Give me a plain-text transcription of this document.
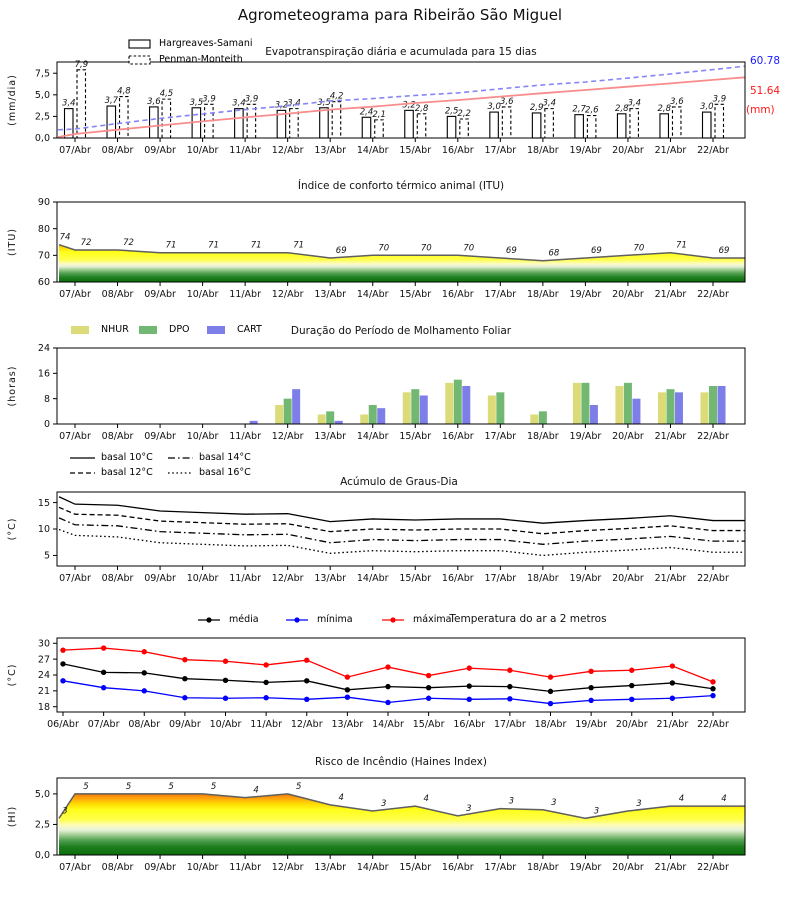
Agrometeograma para Ribeirão São Miguel
Hargreaves-Samani
Penman-Monteith
Evapotranspiração diária e acumulada para 15 dias
60.78
51.64
(mm)
3,4
7,9
3,7
4,8
3,6
4,5
3,5 3,9 3,4 3,9
3,2 3,4 3,5
4,2
2,4 2,1
3,2 2,8 2,5 2,2
3,0
3,6
2,9 3,4
2,7 2,6 2,8
3,4
2,8
3,6
3,0
3,9
0,0
2,5
5,0
7,5
(mm/dia)
07/Abr 08/Abr 09/Abr 10/Abr 11/Abr 12/Abr 13/Abr 14/Abr 15/Abr 16/Abr 17/Abr 18/Abr 19/Abr 20/Abr 21/Abr 22/Abr
Índice de conforto térmico animal (ITU)
74
72	72	71	71	71	71
69	70	70	70	69	68	69	70	71
69
60
70
80
90
(ITU)
07/Abr 08/Abr 09/Abr 10/Abr 11/Abr 12/Abr 13/Abr 14/Abr 15/Abr 16/Abr 17/Abr 18/Abr 19/Abr 20/Abr 21/Abr 22/Abr
NHUR	DPO	CART	Duração do Período de Molhamento Foliar
0
8
16
24
(horas)
07/Abr 08/Abr 09/Abr 10/Abr 11/Abr 12/Abr 13/Abr 14/Abr 15/Abr 16/Abr 17/Abr 18/Abr 19/Abr 20/Abr 21/Abr 22/Abr
basal 10°C
basal 12°C
basal 14°C
basal 16°C
Acúmulo de Graus-Dia
5
10
15
(°C)
07/Abr 08/Abr 09/Abr 10/Abr 11/Abr 12/Abr 13/Abr 14/Abr 15/Abr 16/Abr 17/Abr 18/Abr 19/Abr 20/Abr 21/Abr 22/Abr
média	mínima	máxima
Temperatura do ar a 2 metros
18
21
24
27
30
(°C)
06/Abr 07/Abr 08/Abr 09/Abr 10/Abr 11/Abr 12/Abr 13/Abr 14/Abr 15/Abr 16/Abr 17/Abr 18/Abr 19/Abr 20/Abr 21/Abr 22/Abr
Risco de Incêndio (Haines Index)
3
5	5	5	5	4	5
4
3	4
3
3	3
3
3	4	4
0,0
2,5
5,0
(HI)
07/Abr 08/Abr 09/Abr 10/Abr 11/Abr 12/Abr 13/Abr 14/Abr 15/Abr 16/Abr 17/Abr 18/Abr 19/Abr 20/Abr 21/Abr 22/Abr
